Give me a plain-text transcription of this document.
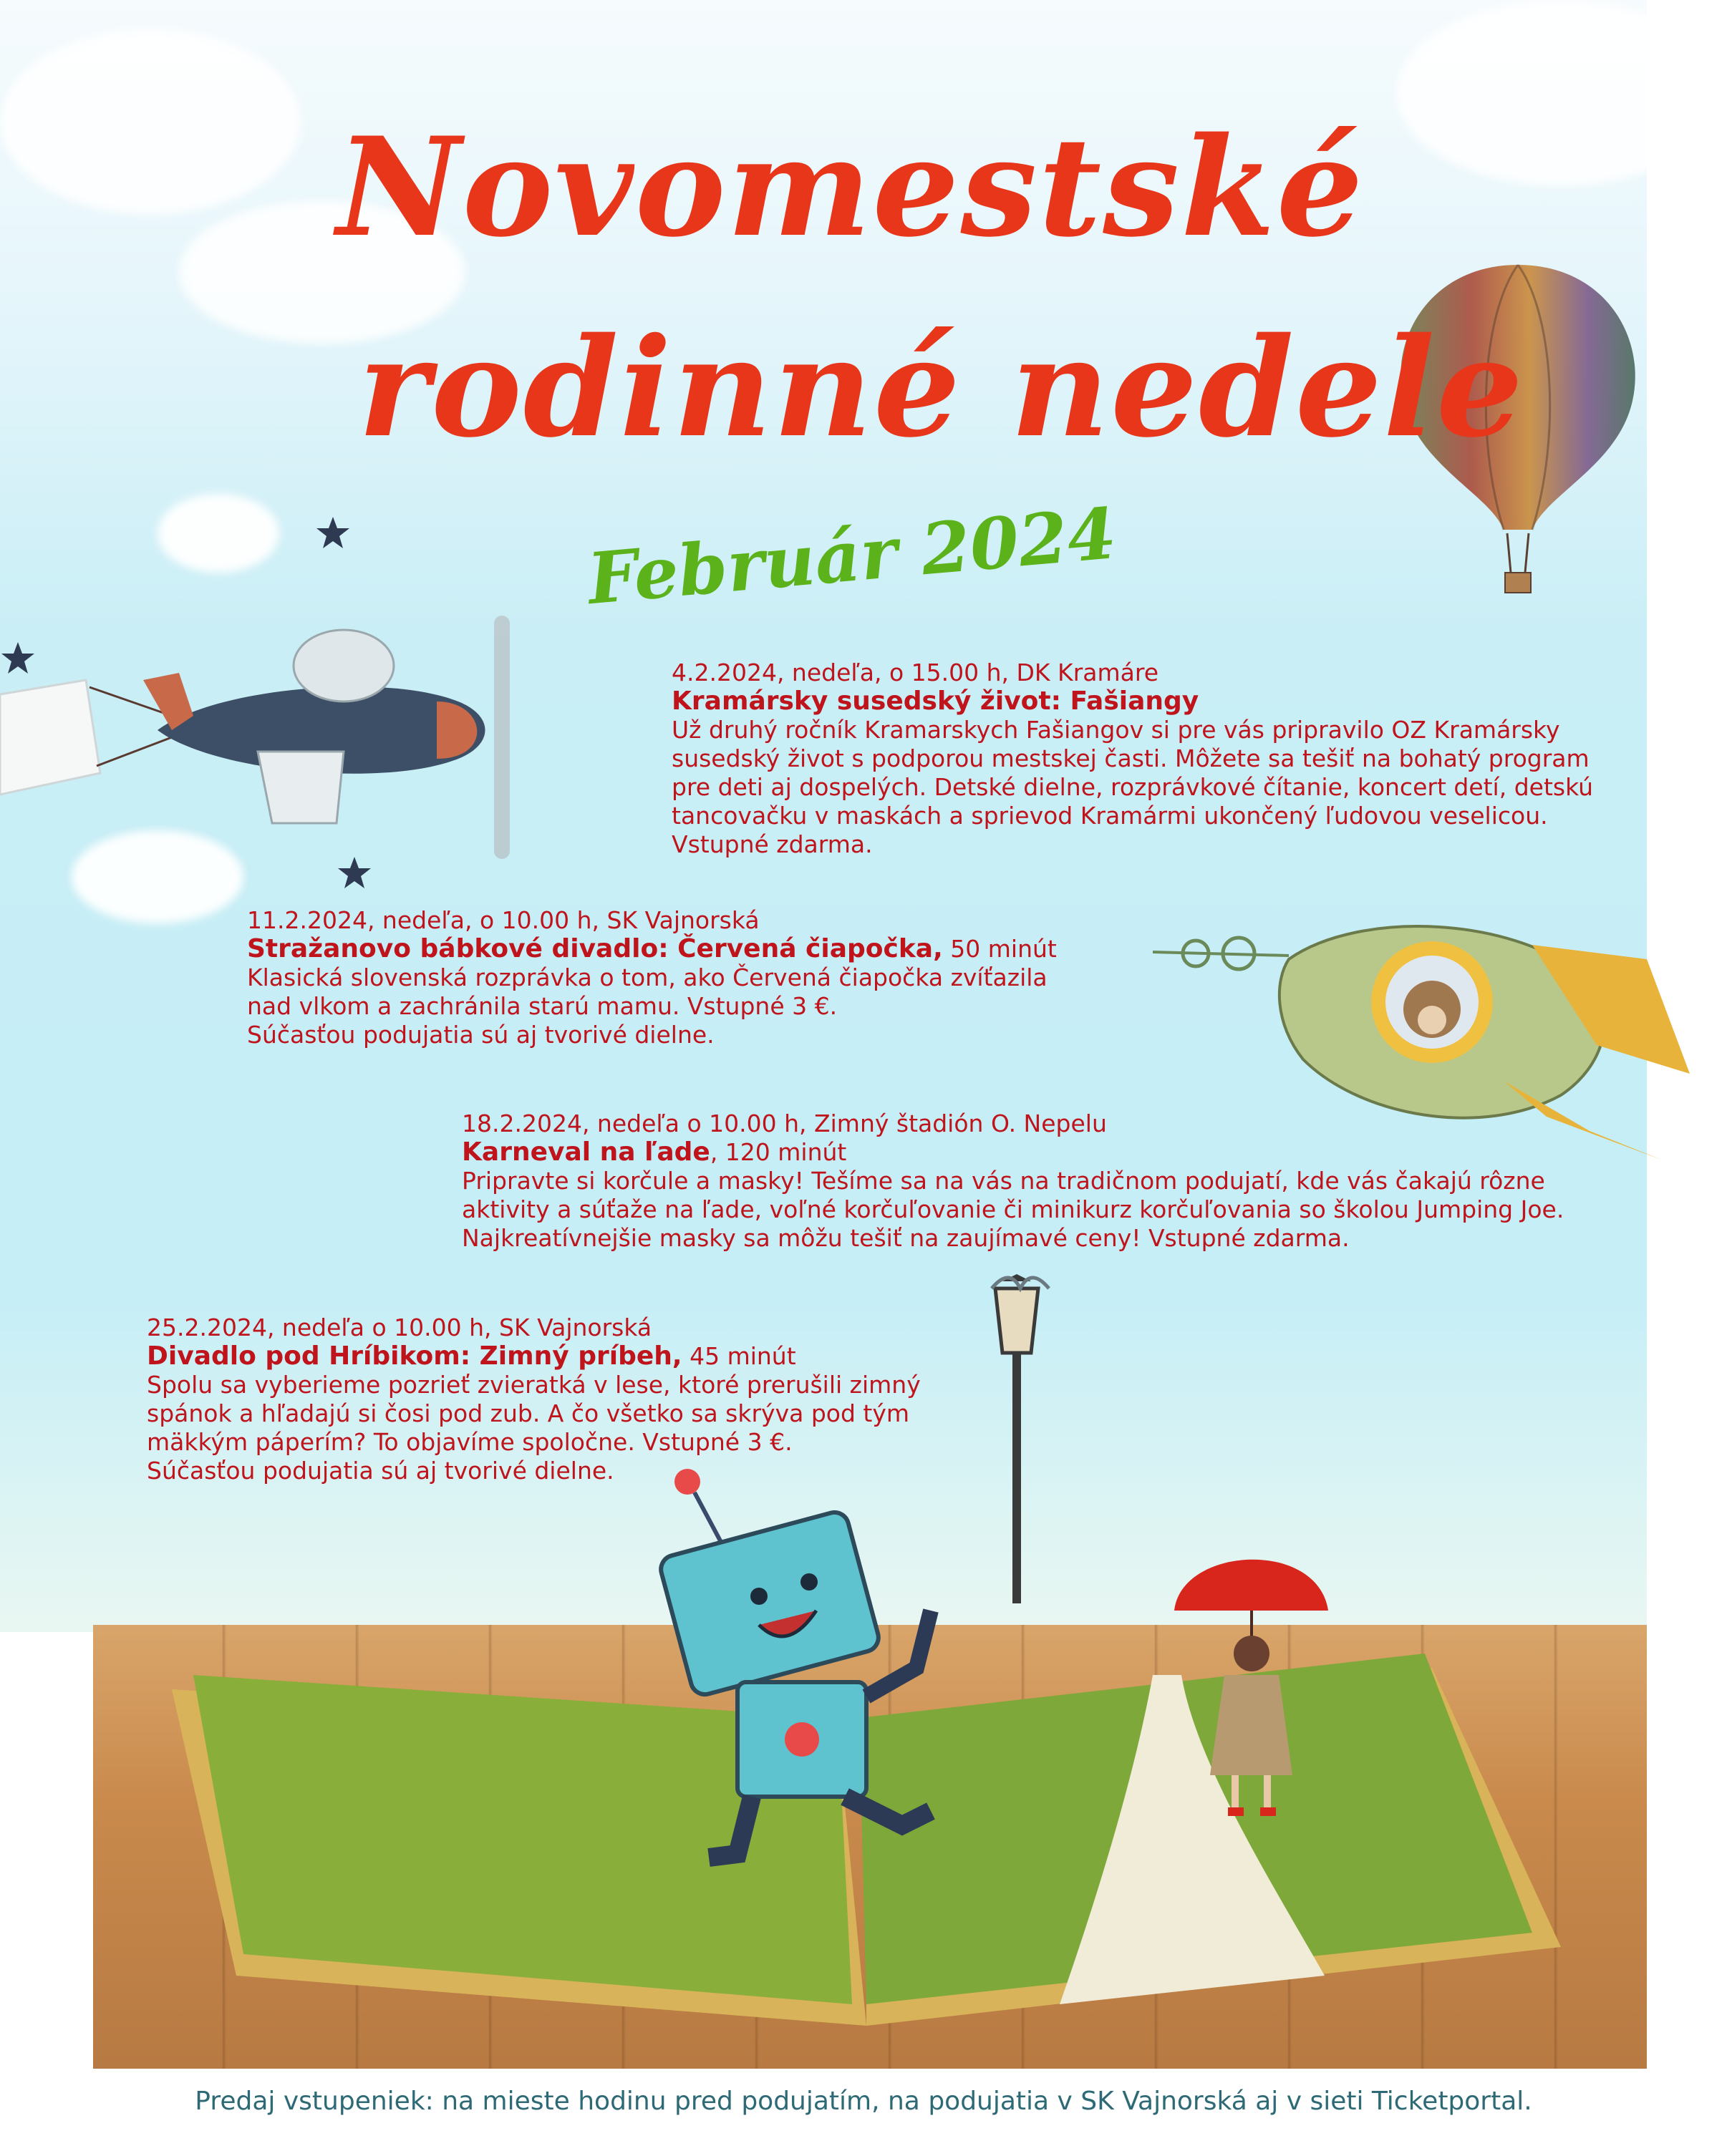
Novomestské
rodinné nedele
Február 2024

4.2.2024, nedeľa, o 15.00 h, DK Kramáre

Kramársky susedský život: Fašiangy

Už druhý ročník Kramarskych Fašiangov si pre vás pripravilo OZ Kramársky

susedský život s podporou mestskej časti. Môžete sa tešiť na bohatý program

pre deti aj dospelých. Detské dielne, rozprávkové čítanie, koncert detí, detskú

tancovačku v maskách a sprievod Kramármi ukončený ľudovou veselicou.

Vstupné zdarma.

11.2.2024, nedeľa, o 10.00 h, SK Vajnorská

Stražanovo bábkové divadlo: Červená čiapočka, 50 minút

Klasická slovenská rozprávka o tom, ako Červená čiapočka zvíťazila

nad vlkom a zachránila starú mamu. Vstupné 3 €.

Súčasťou podujatia sú aj tvorivé dielne.

18.2.2024, nedeľa o 10.00 h, Zimný štadión O. Nepelu

Karneval na ľade, 120 minút

Pripravte si korčule a masky! Tešíme sa na vás na tradičnom podujatí, kde vás čakajú rôzne

aktivity a súťaže na ľade, voľné korčuľovanie či minikurz korčuľovania so školou Jumping Joe.

Najkreatívnejšie masky sa môžu tešiť na zaujímavé ceny! Vstupné zdarma.

25.2.2024, nedeľa o 10.00 h, SK Vajnorská

Divadlo pod Hríbikom: Zimný príbeh, 45 minút

Spolu sa vyberieme pozrieť zvieratká v lese, ktoré prerušili zimný

spánok a hľadajú si čosi pod zub. A čo všetko sa skrýva pod tým

mäkkým páperím? To objavíme spoločne. Vstupné 3 €.

Súčasťou podujatia sú aj tvorivé dielne.

Predaj vstupeniek: na mieste hodinu pred podujatím, na podujatia v SK Vajnorská aj v sieti Ticketportal.
